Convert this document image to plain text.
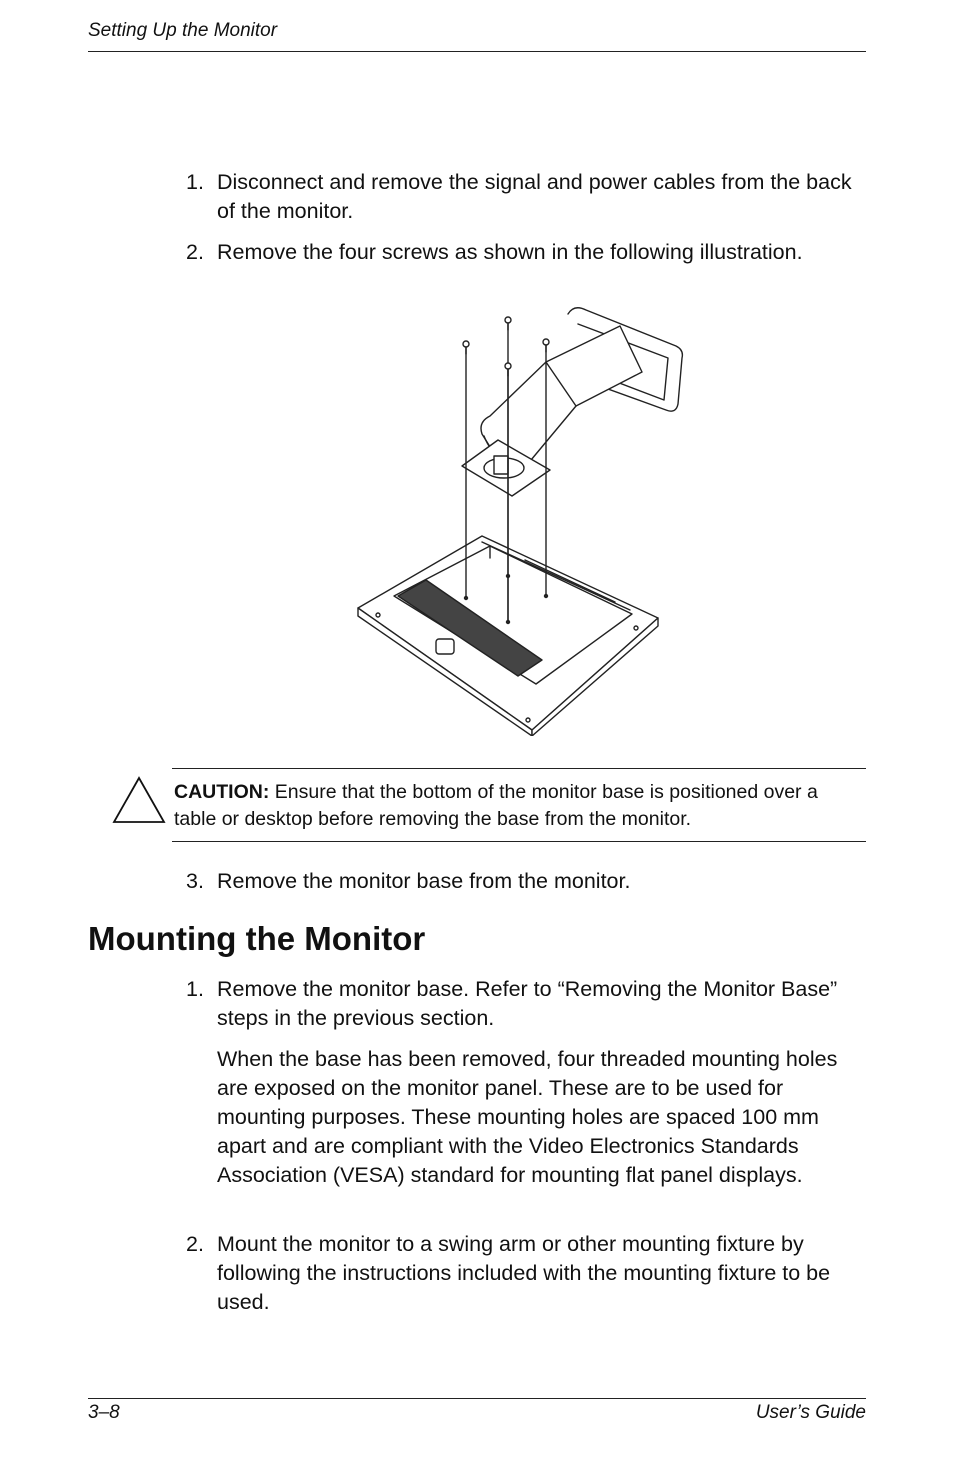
Setting Up the Monitor
1. Disconnect and remove the signal and power cables from the back of the monitor.
2. Remove the four screws as shown in the following illustration.
CAUTION: Ensure that the bottom of the monitor base is positioned over a table or desktop before removing the base from the monitor.
3. Remove the monitor base from the monitor.
Mounting the Monitor
1. Remove the monitor base. Refer to “Removing the Monitor Base” steps in the previous section.
When the base has been removed, four threaded mounting holes are exposed on the monitor panel. These are to be used for mounting purposes. These mounting holes are spaced 100 mm apart and are compliant with the Video Electronics Standards Association (VESA) standard for mounting flat panel displays.
2. Mount the monitor to a swing arm or other mounting fixture by following the instructions included with the mounting fixture to be used.
3–8	User’s Guide
